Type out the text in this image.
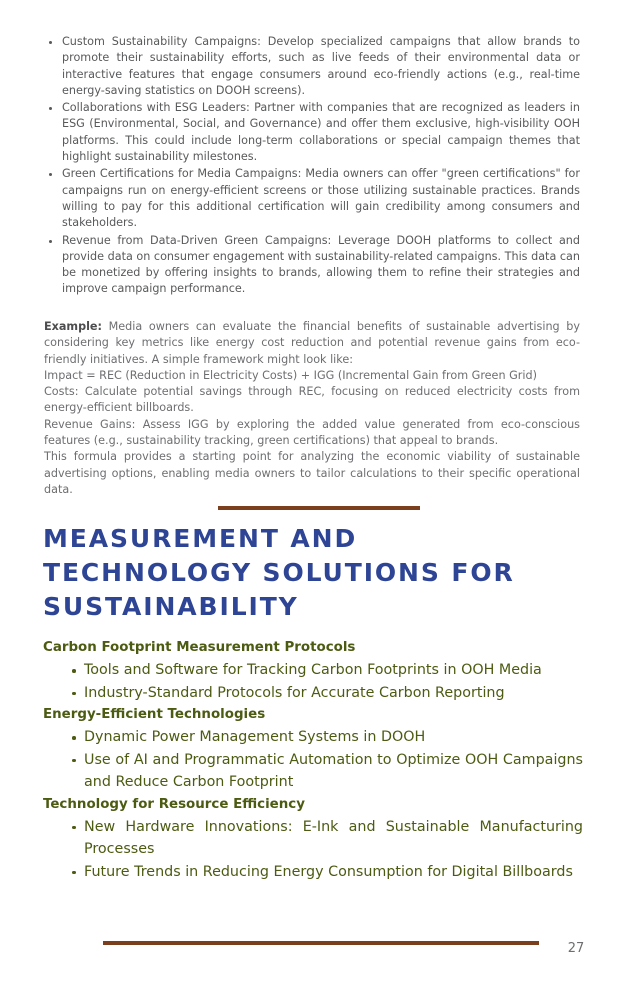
Custom Sustainability Campaigns: Develop specialized campaigns that allow brands to promote their sustainability efforts, such as live feeds of their environmental data or interactive features that engage consumers around eco-friendly actions (e.g., real-time energy-saving statistics on DOOH screens).
Collaborations with ESG Leaders: Partner with companies that are recognized as leaders in ESG (Environmental, Social, and Governance) and offer them exclusive, high-visibility OOH platforms. This could include long-term collaborations or special campaign themes that highlight sustainability milestones.
Green Certifications for Media Campaigns: Media owners can offer "green certifications" for campaigns run on energy-efficient screens or those utilizing sustainable practices. Brands willing to pay for this additional certification will gain credibility among consumers and stakeholders.
Revenue from Data-Driven Green Campaigns: Leverage DOOH platforms to collect and provide data on consumer engagement with sustainability-related campaigns. This data can be monetized by offering insights to brands, allowing them to refine their strategies and improve campaign performance.

Example: Media owners can evaluate the financial benefits of sustainable advertising by considering key metrics like energy cost reduction and potential revenue gains from eco-friendly initiatives. A simple framework might look like:

Impact = REC (Reduction in Electricity Costs) + IGG (Incremental Gain from Green Grid)

Costs: Calculate potential savings through REC, focusing on reduced electricity costs from energy-efficient billboards.

Revenue Gains: Assess IGG by exploring the added value generated from eco-conscious features (e.g., sustainability tracking, green certifications) that appeal to brands.

This formula provides a starting point for analyzing the economic viability of sustainable advertising options, enabling media owners to tailor calculations to their specific operational data.

MEASUREMENT AND TECHNOLOGY SOLUTIONS FOR SUSTAINABILITY
Carbon Footprint Measurement Protocols
Tools and Software for Tracking Carbon Footprints in OOH Media
Industry-Standard Protocols for Accurate Carbon Reporting
Energy-Efficient Technologies
Dynamic Power Management Systems in DOOH
Use of AI and Programmatic Automation to Optimize OOH Campaigns and Reduce Carbon Footprint
Technology for Resource Efficiency
New Hardware Innovations: E-Ink and Sustainable Manufacturing Processes
Future Trends in Reducing Energy Consumption for Digital Billboards
27
